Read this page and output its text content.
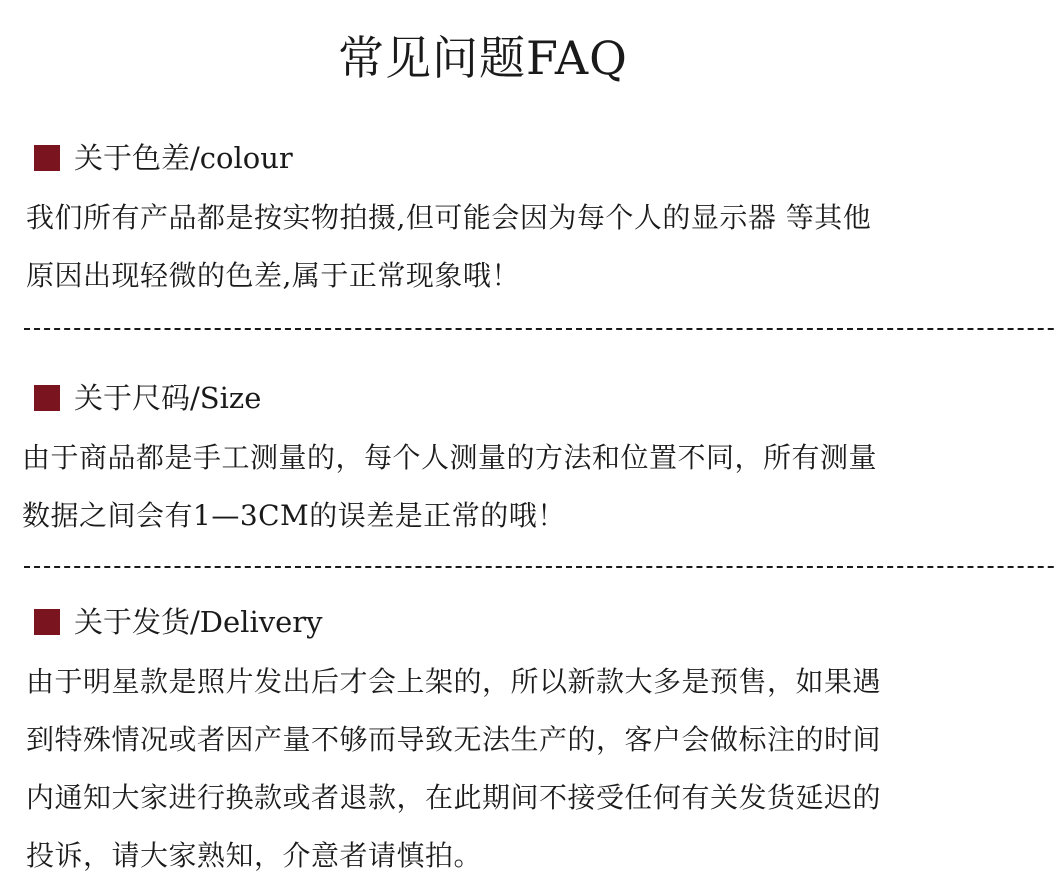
常见问题FAQ
关于色差/colour
我们所有产品都是按实物拍摄,但可能会因为每个人的显示器 等其他
原因出现轻微的色差,属于正常现象哦！
关于尺码/Size
由于商品都是手工测量的，每个人测量的方法和位置不同，所有测量
数据之间会有1—3CM的误差是正常的哦！
关于发货/Delivery
由于明星款是照片发出后才会上架的，所以新款大多是预售，如果遇
到特殊情况或者因产量不够而导致无法生产的，客户会做标注的时间
内通知大家进行换款或者退款，在此期间不接受任何有关发货延迟的
投诉，请大家熟知，介意者请慎拍。
